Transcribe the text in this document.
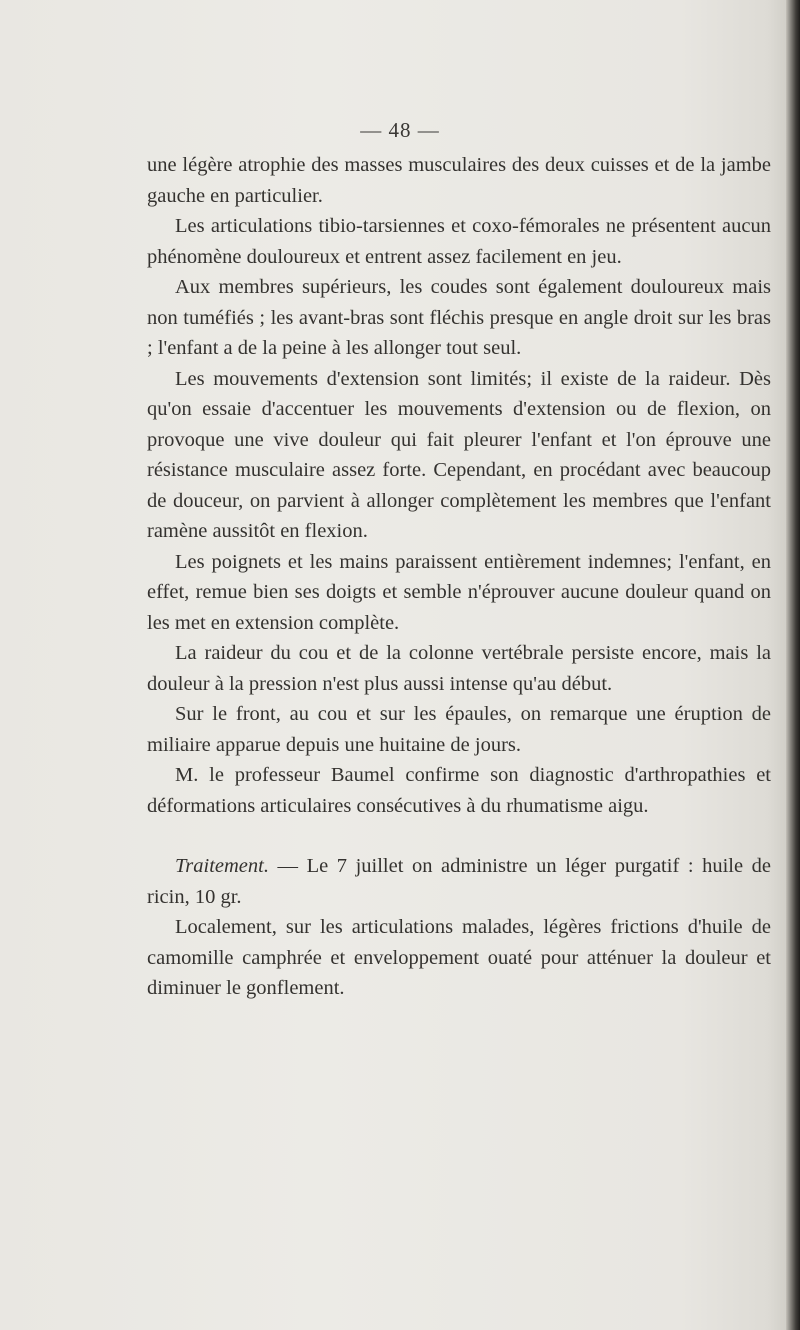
— 48 —

une légère atrophie des masses musculaires des deux cuisses et de la jambe gauche en particulier.

Les articulations tibio-tarsiennes et coxo-fémorales ne présentent aucun phénomène douloureux et entrent assez facilement en jeu.

Aux membres supérieurs, les coudes sont également douloureux mais non tuméfiés ; les avant-bras sont fléchis presque en angle droit sur les bras ; l'enfant a de la peine à les allonger tout seul.

Les mouvements d'extension sont limités; il existe de la raideur. Dès qu'on essaie d'accentuer les mouvements d'extension ou de flexion, on provoque une vive douleur qui fait pleurer l'enfant et l'on éprouve une résistance musculaire assez forte. Cependant, en procédant avec beaucoup de douceur, on parvient à allonger complètement les membres que l'enfant ramène aussitôt en flexion.

Les poignets et les mains paraissent entièrement indemnes; l'enfant, en effet, remue bien ses doigts et semble n'éprouver aucune douleur quand on les met en extension complète.

La raideur du cou et de la colonne vertébrale persiste encore, mais la douleur à la pression n'est plus aussi intense qu'au début.

Sur le front, au cou et sur les épaules, on remarque une éruption de miliaire apparue depuis une huitaine de jours.

M. le professeur Baumel confirme son diagnostic d'arthropathies et déformations articulaires consécutives à du rhumatisme aigu.

Traitement. — Le 7 juillet on administre un léger purgatif : huile de ricin, 10 gr.

Localement, sur les articulations malades, légères frictions d'huile de camomille camphrée et enveloppement ouaté pour atténuer la douleur et diminuer le gonflement.
